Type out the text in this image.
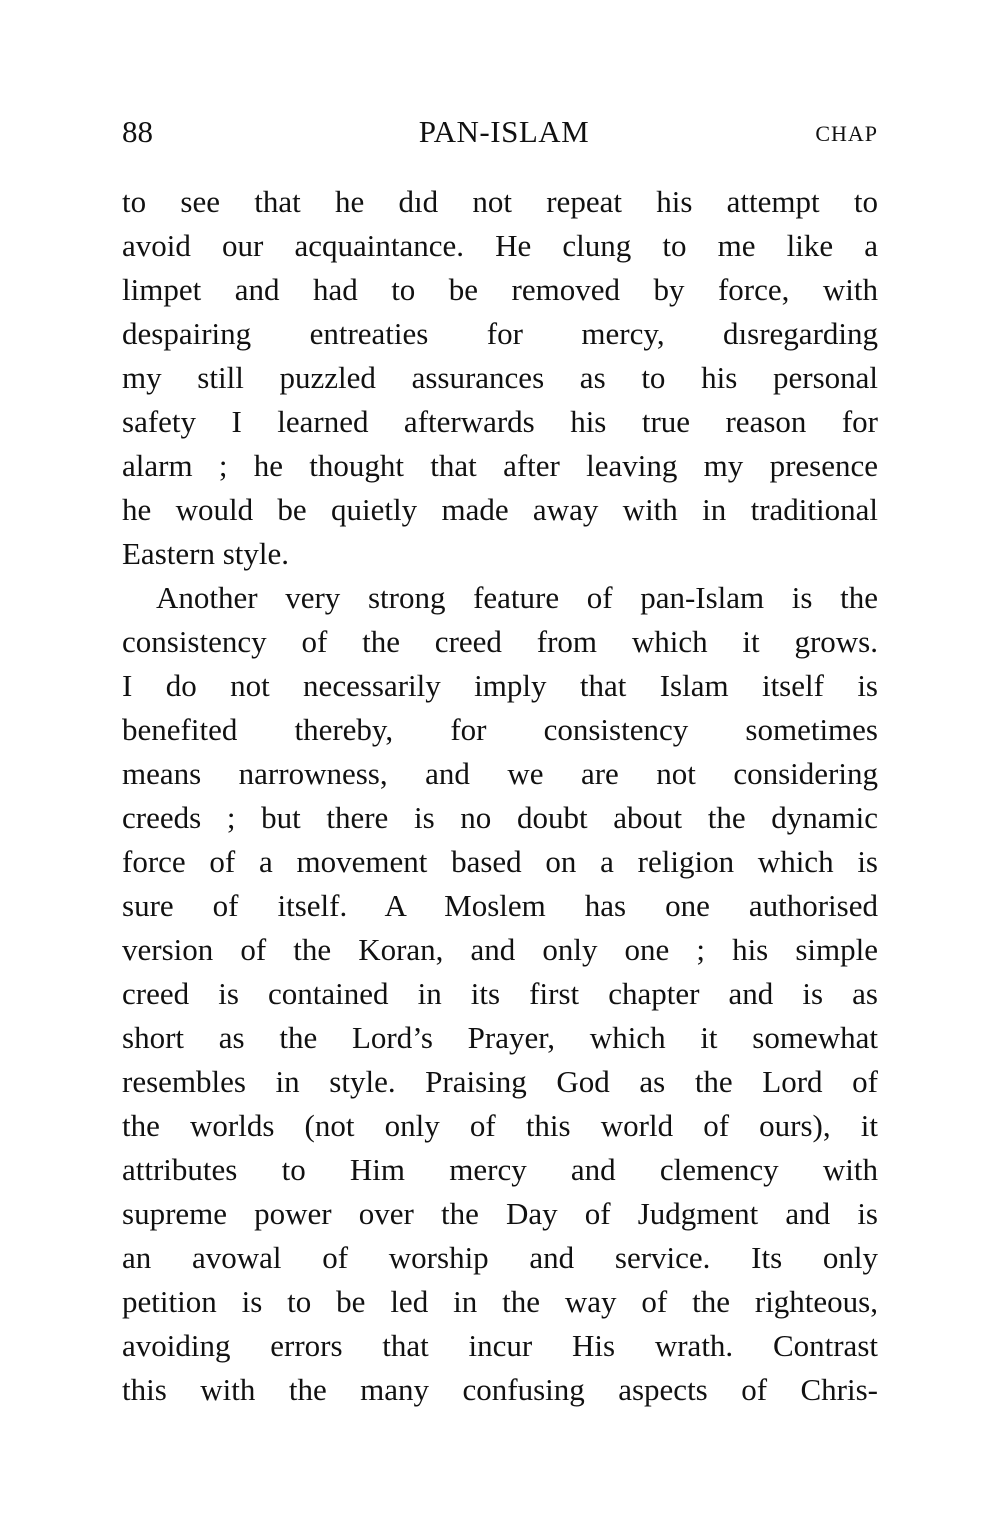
88	PAN-ISLAM	CHAP
to see that he dıd not repeat his attempt to
avoid our acquaintance. He clung to me like a
limpet and had to be removed by force, with
despairing entreaties for mercy, dısregarding
my still puzzled assurances as to his personal
safety I learned afterwards his true reason for
alarm ; he thought that after leaving my presence
he would be quietly made away with in traditional
Eastern style.
Another very strong feature of pan-Islam is the
consistency of the creed from which it grows.
I do not necessarily imply that Islam itself is
benefited thereby, for consistency sometimes
means narrowness, and we are not considering
creeds ; but there is no doubt about the dynamic
force of a movement based on a religion which is
sure of itself. A Moslem has one authorised
version of the Koran, and only one ; his simple
creed is contained in its first chapter and is as
short as the Lord’s Prayer, which it somewhat
resembles in style. Praising God as the Lord of
the worlds (not only of this world of ours), it
attributes to Him mercy and clemency with
supreme power over the Day of Judgment and is
an avowal of worship and service. Its only
petition is to be led in the way of the righteous,
avoiding errors that incur His wrath. Contrast
this with the many confusing aspects of Chris-
